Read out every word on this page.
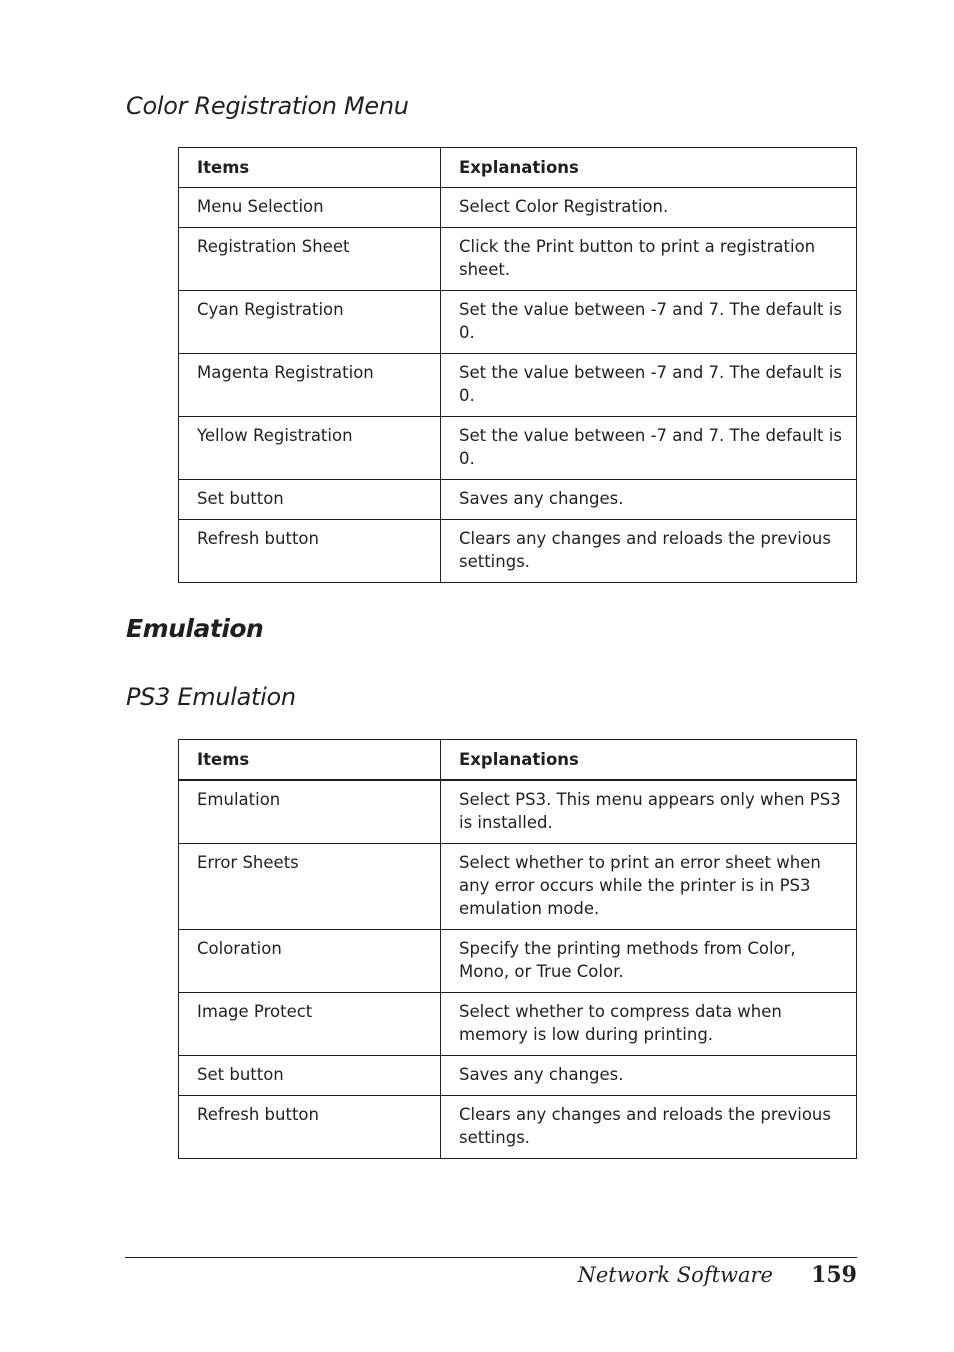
Color Registration Menu
Items	Explanations
Menu Selection	Select Color Registration.
Registration Sheet	Click the Print button to print a registration sheet.
Cyan Registration	Set the value between -7 and 7. The default is 0.
Magenta Registration	Set the value between -7 and 7. The default is 0.
Yellow Registration	Set the value between -7 and 7. The default is 0.
Set button	Saves any changes.
Refresh button	Clears any changes and reloads the previous settings.
Emulation
PS3 Emulation
Items	Explanations
Emulation	Select PS3. This menu appears only when PS3 is installed.
Error Sheets	Select whether to print an error sheet when any error occurs while the printer is in PS3 emulation mode.
Coloration	Specify the printing methods from Color, Mono, or True Color.
Image Protect	Select whether to compress data when memory is low during printing.
Set button	Saves any changes.
Refresh button	Clears any changes and reloads the previous settings.
Network Software 159
